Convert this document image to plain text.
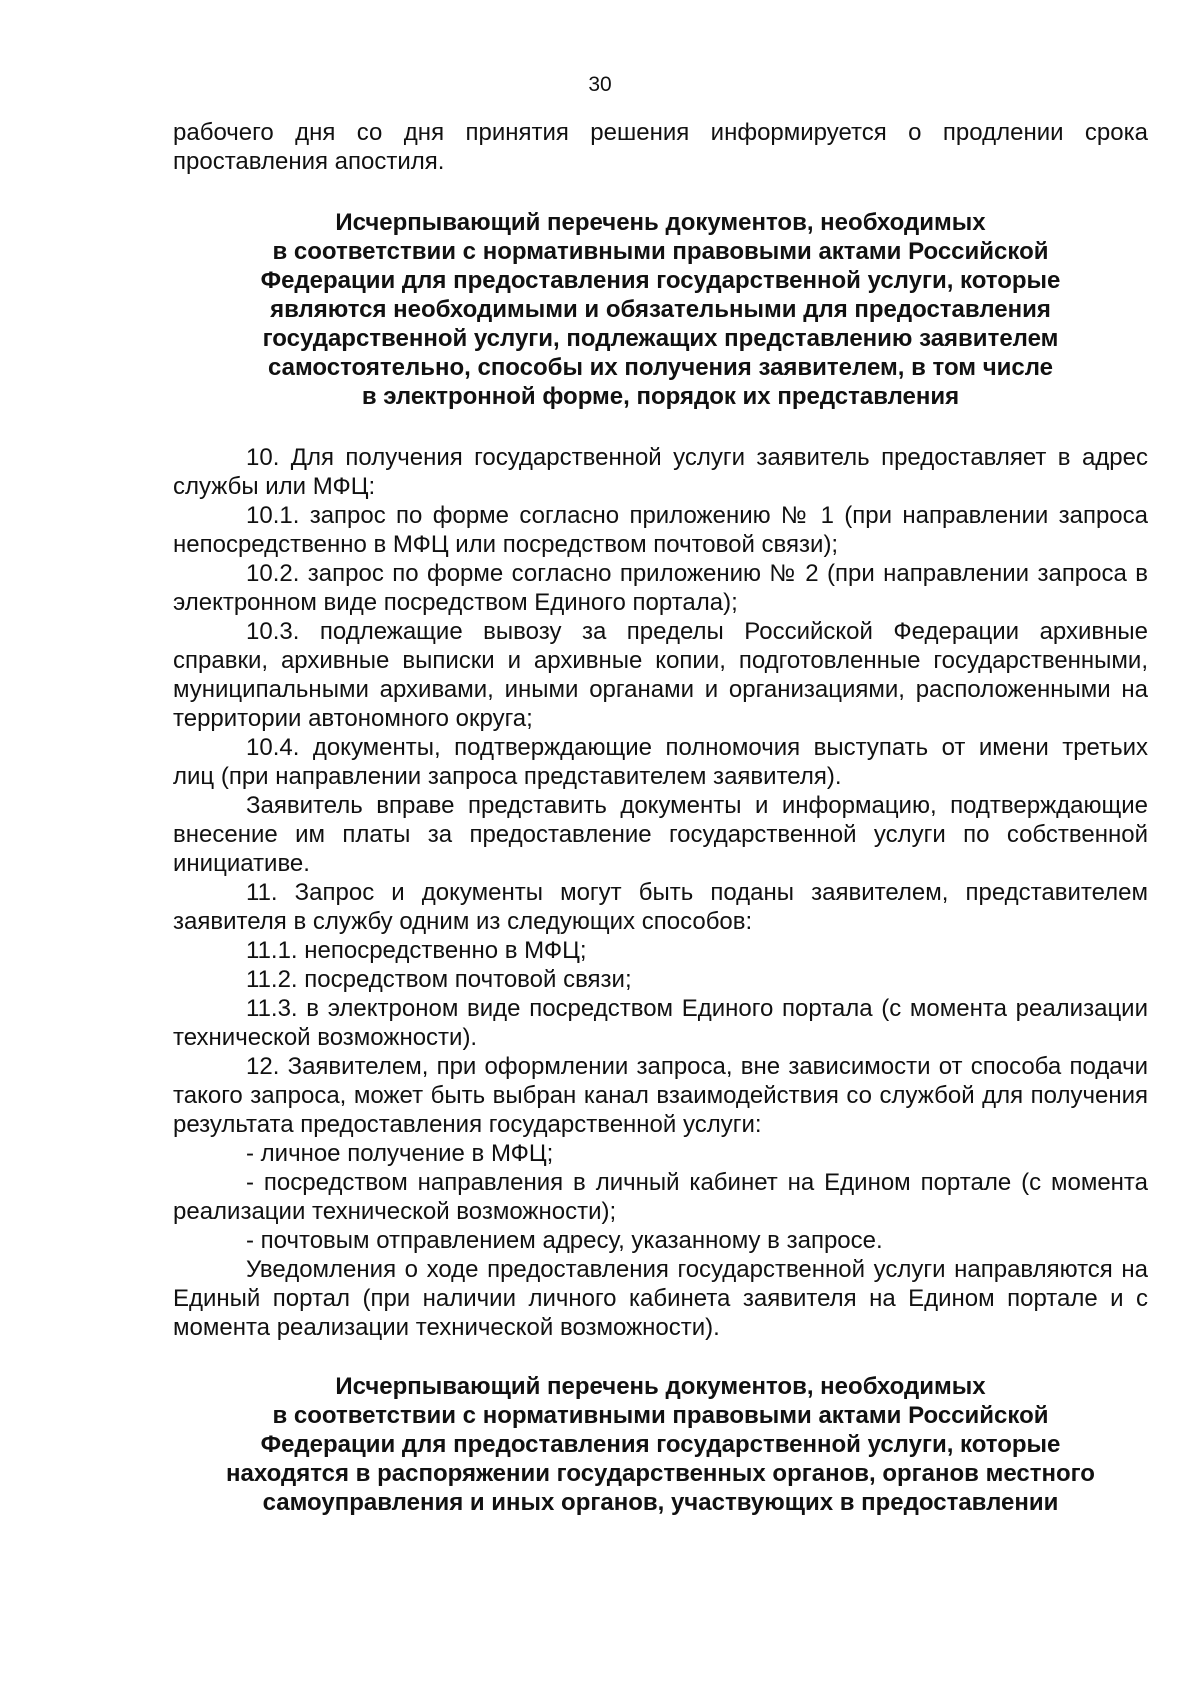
30

рабочего дня со дня принятия решения информируется о продлении срока проставления апостиля.

Исчерпывающий перечень документов, необходимых
в соответствии с нормативными правовыми актами Российской
Федерации для предоставления государственной услуги, которые
являются необходимыми и обязательными для предоставления
государственной услуги, подлежащих представлению заявителем
самостоятельно, способы их получения заявителем, в том числе
в электронной форме, порядок их представления

10. Для получения государственной услуги заявитель предоставляет в адрес службы или МФЦ:

10.1. запрос по форме согласно приложению № 1 (при направлении запроса непосредственно в МФЦ или посредством почтовой связи);

10.2. запрос по форме согласно приложению № 2 (при направлении запроса в электронном виде посредством Единого портала);

10.3. подлежащие вывозу за пределы Российской Федерации архивные справки, архивные выписки и архивные копии, подготовленные государственными, муниципальными архивами, иными органами и организациями, расположенными на территории автономного округа;

10.4. документы, подтверждающие полномочия выступать от имени третьих лиц (при направлении запроса представителем заявителя).

Заявитель вправе представить документы и информацию, подтверждающие внесение им платы за предоставление государственной услуги по собственной инициативе.

11. Запрос и документы могут быть поданы заявителем, представителем заявителя в службу одним из следующих способов:

11.1. непосредственно в МФЦ;

11.2. посредством почтовой связи;

11.3. в электроном виде посредством Единого портала (с момента реализации технической возможности).

12. Заявителем, при оформлении запроса, вне зависимости от способа подачи такого запроса, может быть выбран канал взаимодействия со службой для получения результата предоставления государственной услуги:

- личное получение в МФЦ;

- посредством направления в личный кабинет на Едином портале (с момента реализации технической возможности);

- почтовым отправлением адресу, указанному в запросе.

Уведомления о ходе предоставления государственной услуги направляются на Единый портал (при наличии личного кабинета заявителя на Едином портале и с момента реализации технической возможности).

Исчерпывающий перечень документов, необходимых
в соответствии с нормативными правовыми актами Российской
Федерации для предоставления государственной услуги, которые
находятся в распоряжении государственных органов, органов местного
самоуправления и иных органов, участвующих в предоставлении
